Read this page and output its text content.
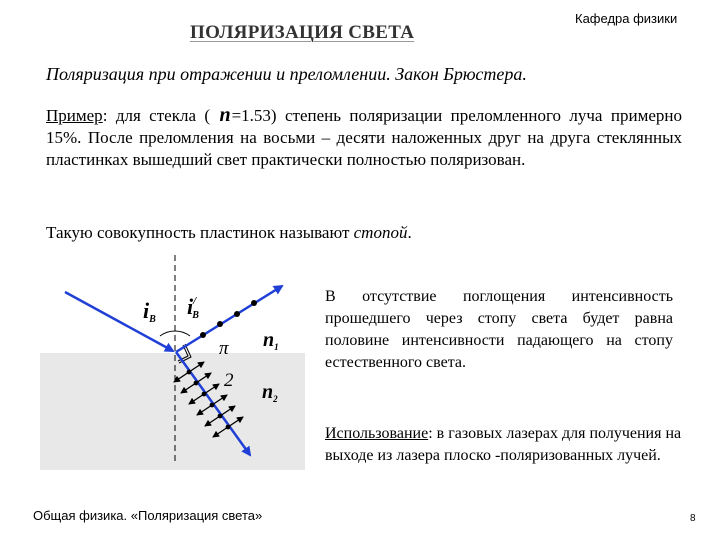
ПОЛЯРИЗАЦИЯ СВЕТА
Кафедра физики
Поляризация при отражении и преломлении. Закон Брюстера.
Пример: для стекла ( n=1.53) степень поляризации преломленного луча примерно 15%. После преломления на восьми – десяти наложенных друг на друга стеклянных пластинках вышедший свет практически полностью поляризован.
Такую совокупность пластинок называют стопой.
iB
i/ B
π
2
$n_1$
$n_2$
В отсутствие поглощения интенсивность прошедшего через стопу света будет равна половине интенсивности падающего на стопу естественного света.
Использование: в газовых лазерах для получения на выходе из лазера плоско -поляризованных лучей.
Общая физика. «Поляризация света»	8
